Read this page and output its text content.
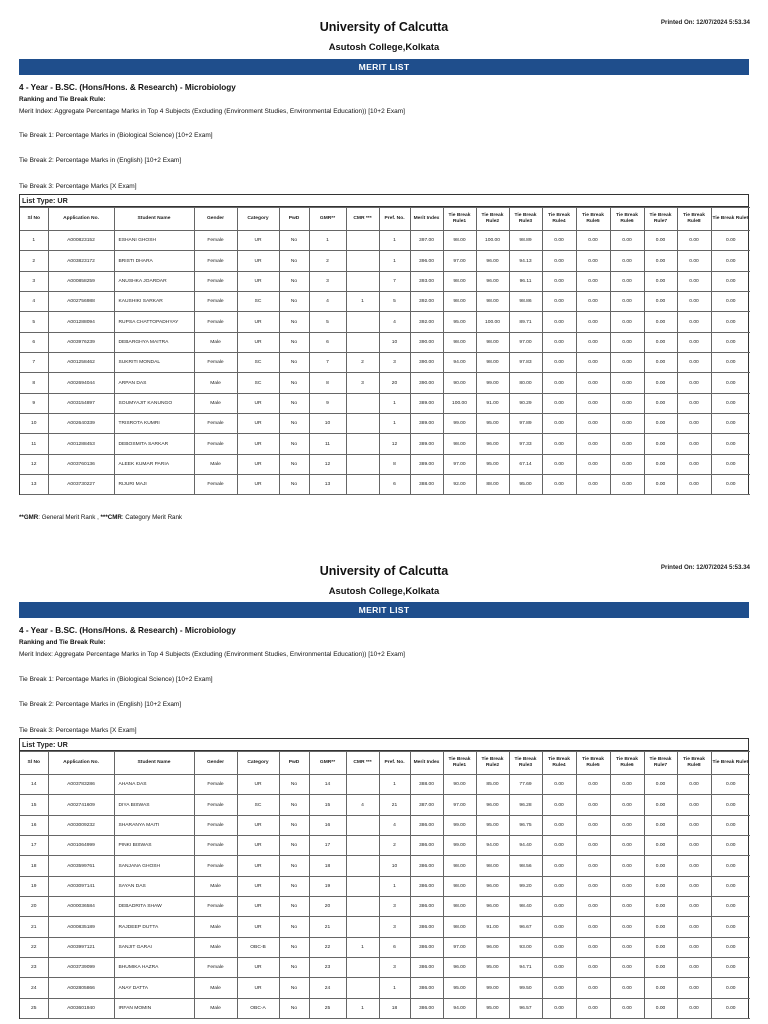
Printed On: 12/07/2024 5:53.34
University of Calcutta
Asutosh College,Kolkata
MERIT LIST
4 - Year - B.SC. (Hons/Hons. & Research) - Microbiology
Ranking and Tie Break Rule:
Merit Index: Aggregate Percentage Marks in Top 4 Subjects (Excluding (Environment Studies, Environmental Education)) [10+2 Exam]
Tie Break 1: Percentage Marks in (Biological Science) [10+2 Exam]
Tie Break 2: Percentage Marks in (English) [10+2 Exam]
Tie Break 3: Percentage Marks [X Exam]
List Type: UR
Sl No	Application No.	Student Name	Gender	Category	PwD	GMR**	CMR ***	Pref. No.	Merit Index	Tie Break Rule1	Tie Break Rule2	Tie Break Rule3	Tie Break Rule4	Tie Break Rule5	Tie Break Rule6	Tie Break Rule7	Tie Break Rule8	Tie Break Rule9
1	A000823152	ESHANI GHOSH	Female	UR	No	1		1	397.00	98.00	100.00	98.89	0.00	0.00	0.00	0.00	0.00	0.00
2	A003823172	BRISTI DHARA	Female	UR	No	2		1	396.00	97.00	96.00	94.13	0.00	0.00	0.00	0.00	0.00	0.00
3	A000858259	ANUSHKA JOARDAR	Female	UR	No	3		7	393.00	98.00	96.00	96.11	0.00	0.00	0.00	0.00	0.00	0.00
4	A002756988	KAUSHIKI SARKAR	Female	SC	No	4	1	5	392.00	98.00	98.00	98.86	0.00	0.00	0.00	0.00	0.00	0.00
5	A001288094	RUPSA CHATTOPADHYAY	Female	UR	No	5		4	392.00	95.00	100.00	89.71	0.00	0.00	0.00	0.00	0.00	0.00
6	A003976239	DEBARGHYA MAITRA	Male	UR	No	6		10	390.00	98.00	98.00	97.00	0.00	0.00	0.00	0.00	0.00	0.00
7	A001258462	SUKRITI MONDAL	Female	SC	No	7	2	3	390.00	94.00	98.00	97.83	0.00	0.00	0.00	0.00	0.00	0.00
8	A002694044	ARPAN DAS	Male	SC	No	8	3	20	390.00	90.00	99.00	80.00	0.00	0.00	0.00	0.00	0.00	0.00
9	A003154897	SOUMYAJIT KANUNGO	Male	UR	No	9		1	389.00	100.00	91.00	90.29	0.00	0.00	0.00	0.00	0.00	0.00
10	A002640339	TRISROTA KUMRI	Female	UR	No	10		1	389.00	99.00	95.00	97.89	0.00	0.00	0.00	0.00	0.00	0.00
11	A001288453	DEBOSMITA SARKAR	Female	UR	No	11		12	389.00	98.00	96.00	97.33	0.00	0.00	0.00	0.00	0.00	0.00
12	A003760136	ALEEK KUMAR PARIA	Male	UR	No	12		8	389.00	97.00	95.00	67.14	0.00	0.00	0.00	0.00	0.00	0.00
13	A003730227	RIJURI MAJI	Female	UR	No	13		6	388.00	92.00	88.00	95.00	0.00	0.00	0.00	0.00	0.00	0.00
**GMR: General Merit Rank , ***CMR: Category Merit Rank
Printed On: 12/07/2024 5:53.34
University of Calcutta
Asutosh College,Kolkata
MERIT LIST
4 - Year - B.SC. (Hons/Hons. & Research) - Microbiology
Ranking and Tie Break Rule:
Merit Index: Aggregate Percentage Marks in Top 4 Subjects (Excluding (Environment Studies, Environmental Education)) [10+2 Exam]
Tie Break 1: Percentage Marks in (Biological Science) [10+2 Exam]
Tie Break 2: Percentage Marks in (English) [10+2 Exam]
Tie Break 3: Percentage Marks [X Exam]
List Type: UR
Sl No	Application No.	Student Name	Gender	Category	PwD	GMR**	CMR ***	Pref. No.	Merit Index	Tie Break Rule1	Tie Break Rule2	Tie Break Rule3	Tie Break Rule4	Tie Break Rule5	Tie Break Rule6	Tie Break Rule7	Tie Break Rule8	Tie Break Rule9
14	A003783286	AHANA DAS	Female	UR	No	14		1	388.00	90.00	85.00	77.69	0.00	0.00	0.00	0.00	0.00	0.00
15	A002741609	DIYA BISWAS	Female	SC	No	15	4	21	387.00	97.00	96.00	96.28	0.00	0.00	0.00	0.00	0.00	0.00
16	A003009232	SHARANYA MAITI	Female	UR	No	16		4	386.00	99.00	95.00	96.75	0.00	0.00	0.00	0.00	0.00	0.00
17	A001064999	PINKI BISWAS	Female	UR	No	17		2	386.00	99.00	94.00	94.40	0.00	0.00	0.00	0.00	0.00	0.00
18	A003599761	SANJANA GHOSH	Female	UR	No	18		10	386.00	98.00	98.00	98.56	0.00	0.00	0.00	0.00	0.00	0.00
19	A003097141	SAYAN DAS	Male	UR	No	19		1	386.00	98.00	96.00	99.20	0.00	0.00	0.00	0.00	0.00	0.00
20	A000036584	DEBADRITA SHAW	Female	UR	No	20		3	386.00	98.00	96.00	98.40	0.00	0.00	0.00	0.00	0.00	0.00
21	A000835189	RAJDEEP DUTTA	Male	UR	No	21		3	386.00	98.00	91.00	96.67	0.00	0.00	0.00	0.00	0.00	0.00
22	A003997121	SANJIT GARAI	Male	OBC-B	No	22	1	6	386.00	97.00	96.00	93.00	0.00	0.00	0.00	0.00	0.00	0.00
23	A003739099	BHUMIKA HAZRA	Female	UR	No	23		3	386.00	96.00	95.00	94.71	0.00	0.00	0.00	0.00	0.00	0.00
24	A002805866	ANAY DATTA	Male	UR	No	24		1	386.00	95.00	99.00	99.50	0.00	0.00	0.00	0.00	0.00	0.00
25	A003601940	IRFAN MOMIN	Male	OBC-A	No	25	1	18	386.00	94.00	95.00	96.57	0.00	0.00	0.00	0.00	0.00	0.00
